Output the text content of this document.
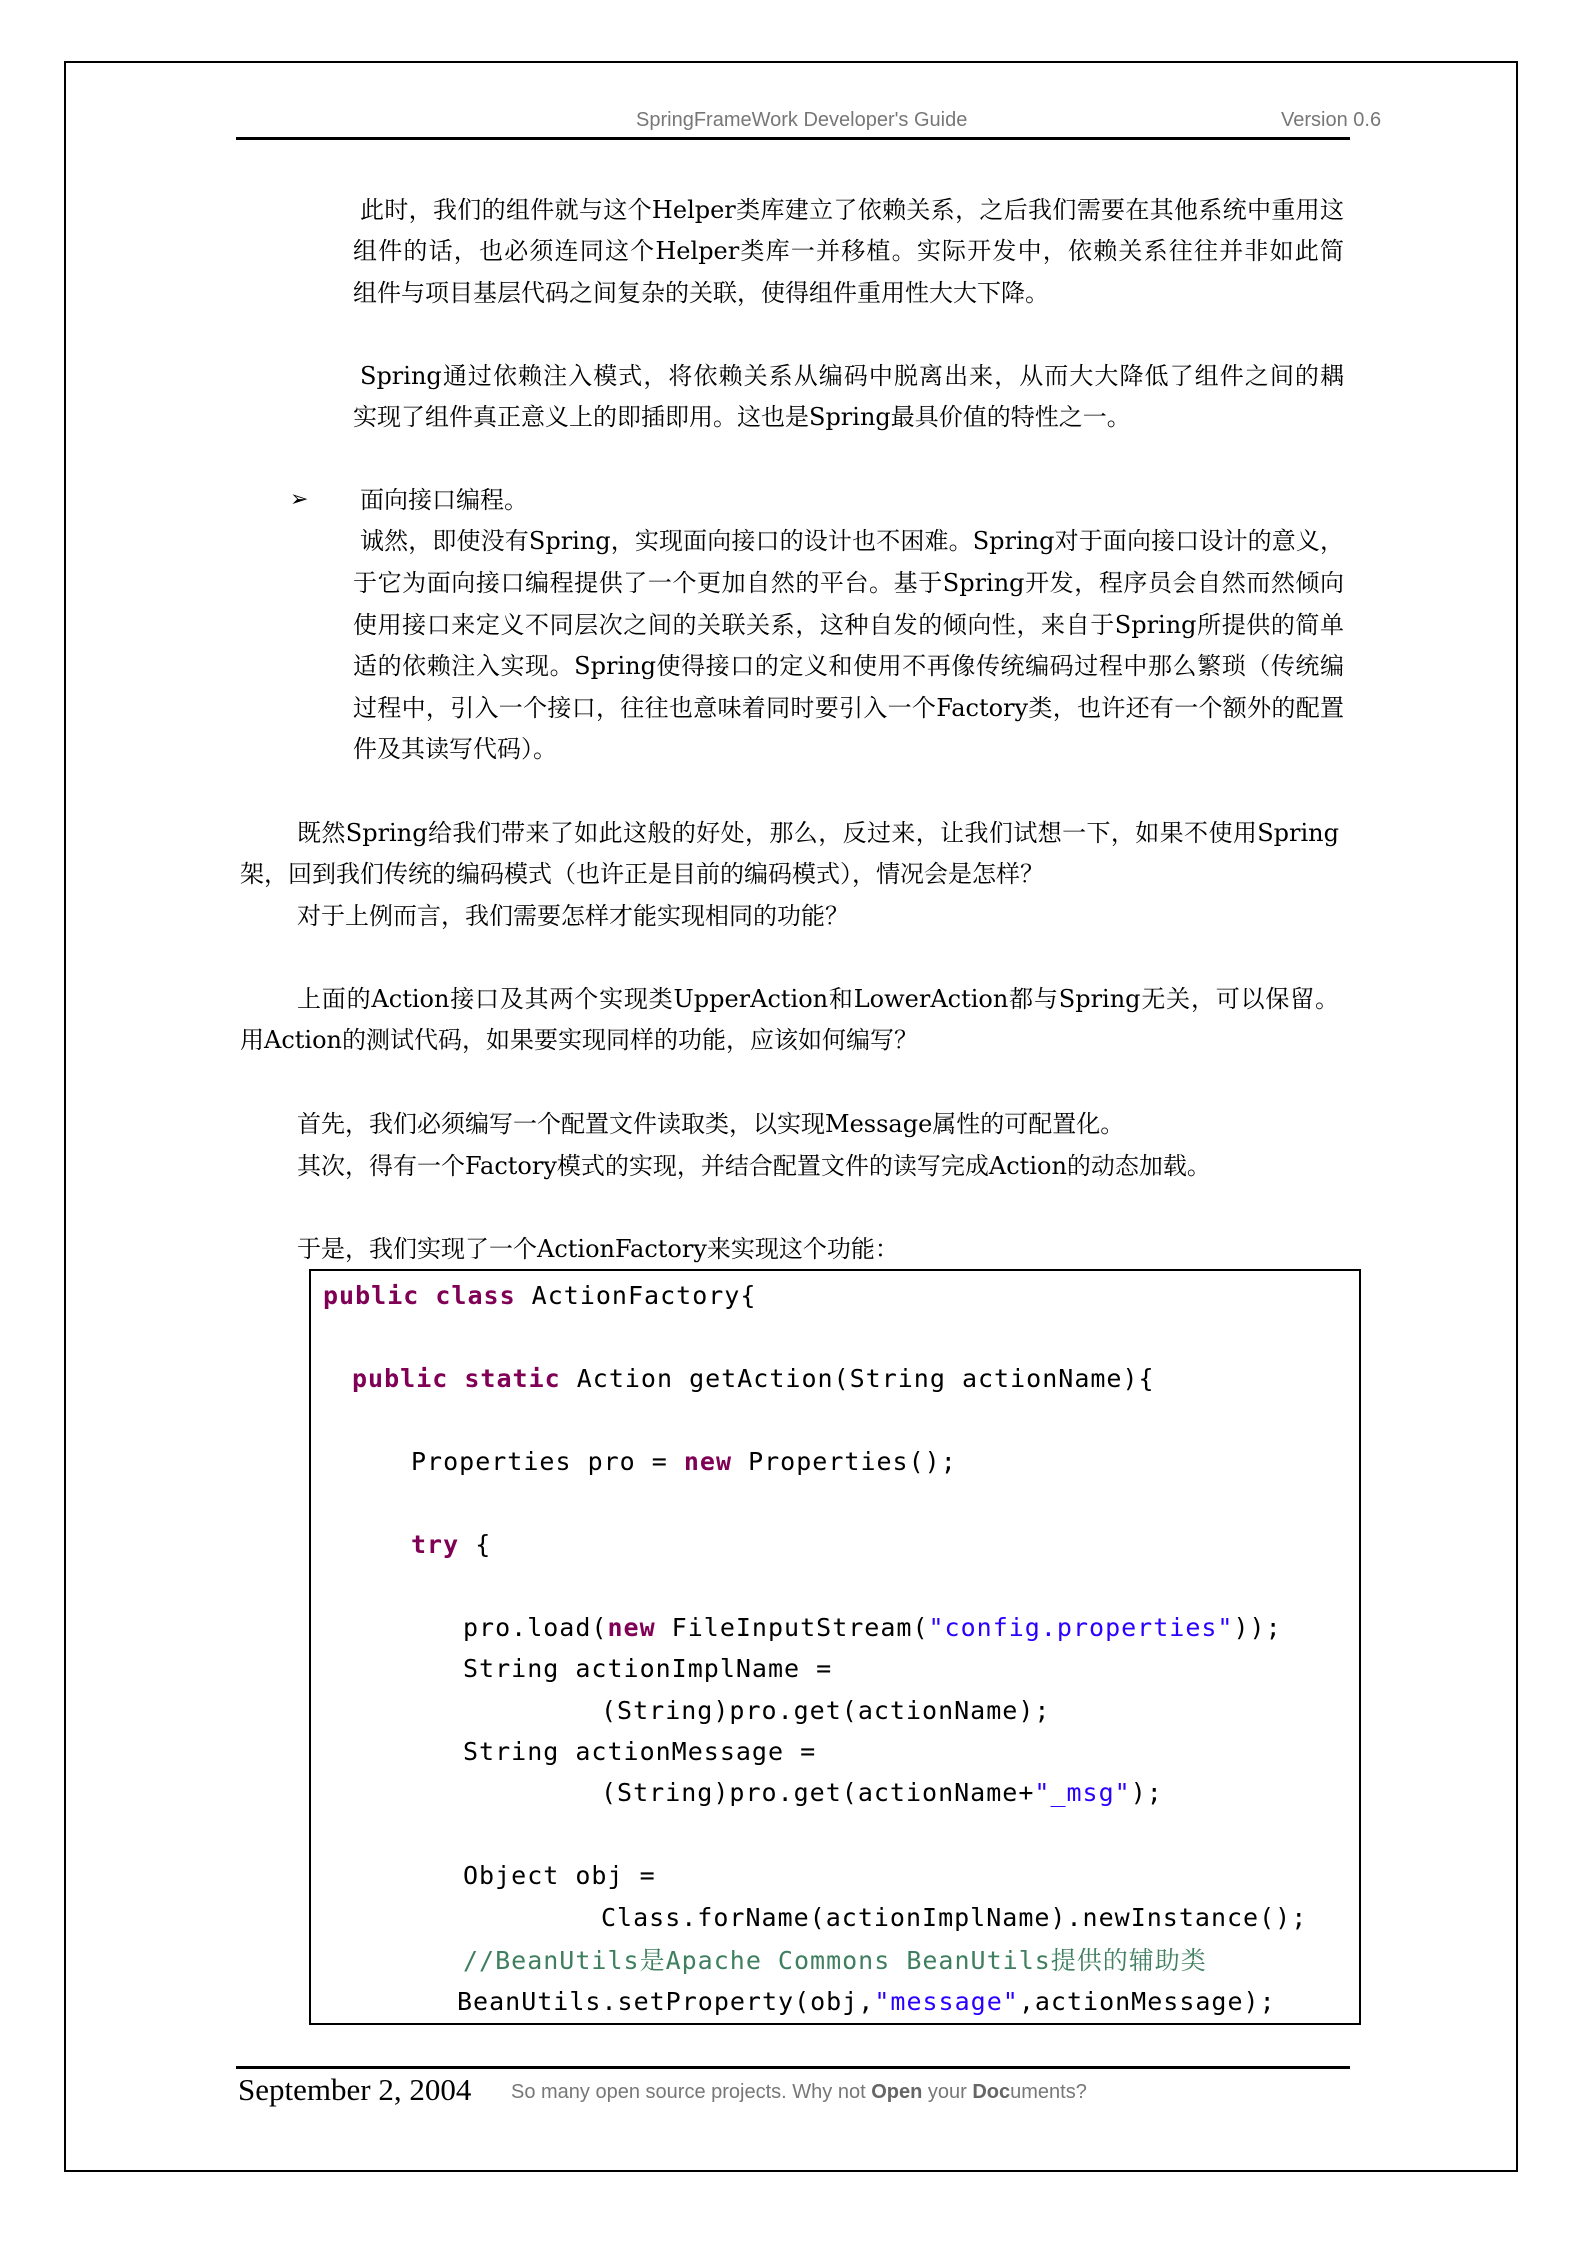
SpringFrameWork Developer's Guide	Version 0.6
此时，我们的组件就与这个Helper类库建立了依赖关系，之后我们需要在其他系统中重用这
组件的话，也必须连同这个Helper类库一并移植。实际开发中，依赖关系往往并非如此简
组件与项目基层代码之间复杂的关联，使得组件重用性大大下降。
Spring通过依赖注入模式，将依赖关系从编码中脱离出来，从而大大降低了组件之间的耦
实现了组件真正意义上的即插即用。这也是Spring最具价值的特性之一。
➢ 面向接口编程。
诚然，即使没有Spring，实现面向接口的设计也不困难。Spring对于面向接口设计的意义，
于它为面向接口编程提供了一个更加自然的平台。基于Spring开发，程序员会自然而然倾向
使用接口来定义不同层次之间的关联关系，这种自发的倾向性，来自于Spring所提供的简单
适的依赖注入实现。Spring使得接口的定义和使用不再像传统编码过程中那么繁琐（传统编
过程中，引入一个接口，往往也意味着同时要引入一个Factory类，也许还有一个额外的配置
件及其读写代码）。
既然Spring给我们带来了如此这般的好处，那么，反过来，让我们试想一下，如果不使用Spring
架，回到我们传统的编码模式（也许正是目前的编码模式），情况会是怎样？
对于上例而言，我们需要怎样才能实现相同的功能？
上面的Action接口及其两个实现类UpperAction和LowerAction都与Spring无关，可以保留。
用Action的测试代码，如果要实现同样的功能，应该如何编写？
首先，我们必须编写一个配置文件读取类，以实现Message属性的可配置化。
其次，得有一个Factory模式的实现，并结合配置文件的读写完成Action的动态加载。
于是，我们实现了一个ActionFactory来实现这个功能：
public class ActionFactory{
public static Action getAction(String actionName){
Properties pro = new Properties();
try {
pro.load(new FileInputStream("config.properties"));
String actionImplName =
(String)pro.get(actionName);
String actionMessage =
(String)pro.get(actionName+"_msg");
Object obj =
Class.forName(actionImplName).newInstance();
//BeanUtils是Apache Commons BeanUtils提供的辅助类
BeanUtils.setProperty(obj,"message",actionMessage);
September 2, 2004 So many open source projects. Why not Open your Documents?
